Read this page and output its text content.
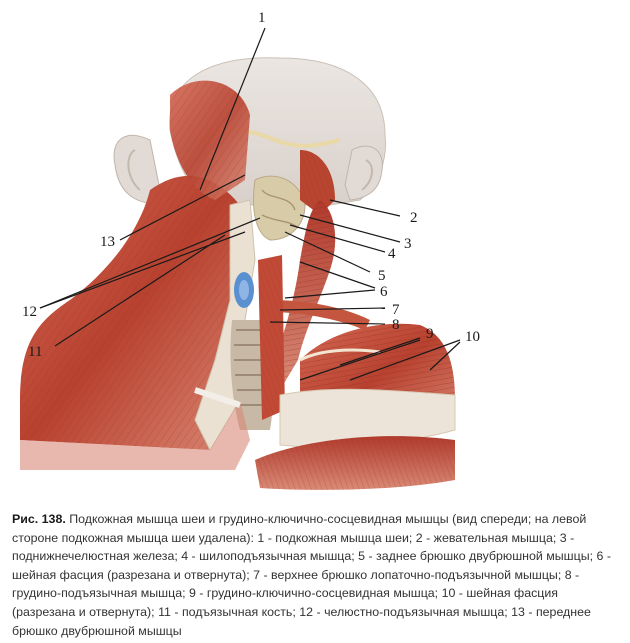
1
2
3
4
5
6
7
8
9 10
11
12
13
Рис. 138. Подкожная мышца шеи и грудино-ключично-сосцевидная мышцы (вид спереди; на левой стороне подкожная мышца шеи удалена): 1 - подкожная мышца шеи; 2 - жевательная мышца; 3 - поднижнечелюстная железа; 4 - шилоподъязычная мышца; 5 - заднее брюшко двубрюшной мышцы; 6 - шейная фасция (разрезана и отвернута); 7 - верхнее брюшко лопаточно-подъязычной мышцы; 8 - грудино-подъязычная мышца; 9 - грудино-ключично-сосцевидная мышца; 10 - шейная фасция (разрезана и отвернута); 11 - подъязычная кость; 12 - челюстно-подъязычная мышца; 13 - переднее брюшко двубрюшной мышцы
